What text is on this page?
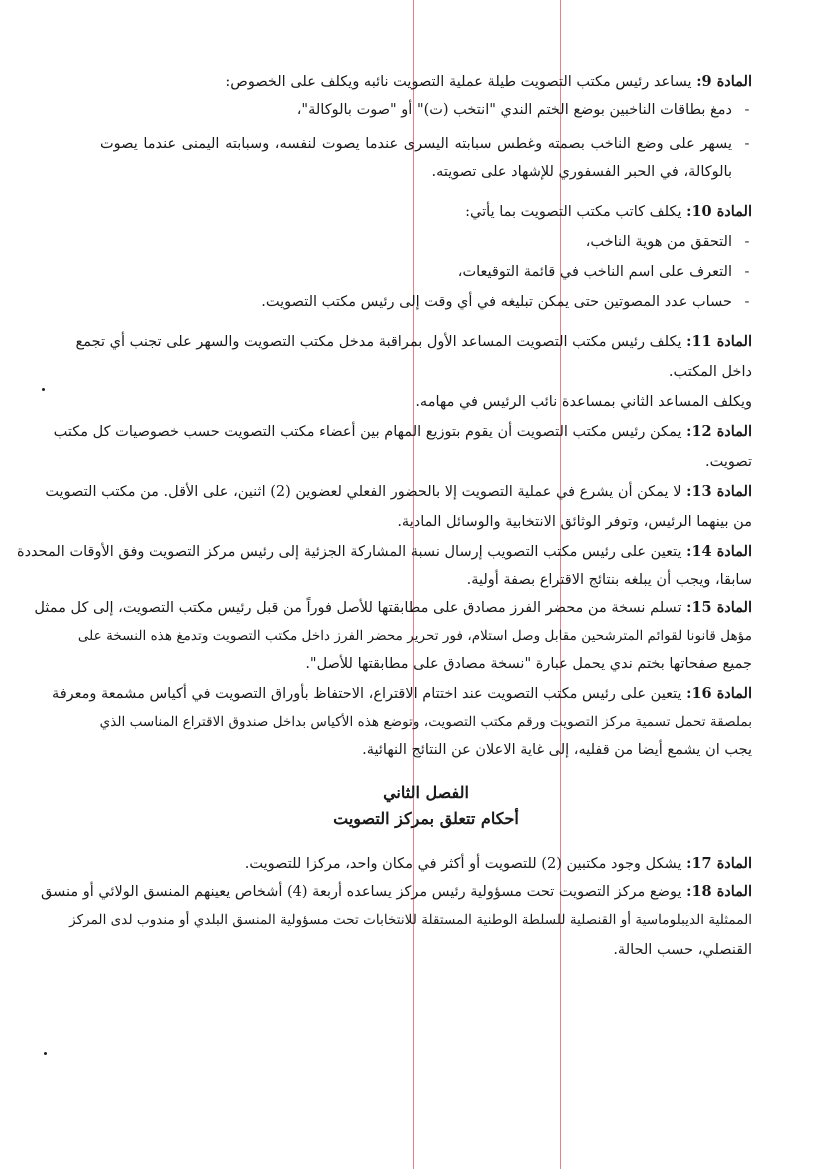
المادة 9: يساعد رئيس مكتب التصويت طيلة عملية التصويت نائبه ويكلف على الخصوص:
دمغ بطاقات الناخبين بوضع الختم الندي "انتخب (ت)" أو "صوت بالوكالة"، -
يسهر على وضع الناخب بصمته وغطس سبابته اليسرى عندما يصوت لنفسه، وسبابته اليمنى عندما يصوت -
بالوكالة، في الحبر الفسفوري للإشهاد على تصويته.
المادة 10: يكلف كاتب مكتب التصويت بما يأتي:
التحقق من هوية الناخب، -
التعرف على اسم الناخب في قائمة التوقيعات، -
حساب عدد المصوتين حتى يمكن تبليغه في أي وقت إلى رئيس مكتب التصويت. -
المادة 11: يكلف رئيس مكتب التصويت المساعد الأول بمراقبة مدخل مكتب التصويت والسهر على تجنب أي تجمع
داخل المكتب.
ويكلف المساعد الثاني بمساعدة نائب الرئيس في مهامه.
المادة 12: يمكن رئيس مكتب التصويت أن يقوم بتوزيع المهام بين أعضاء مكتب التصويت حسب خصوصيات كل مكتب
تصويت.
المادة 13: لا يمكن أن يشرع في عملية التصويت إلا بالحضور الفعلي لعضوين (2) اثنين، على الأقل. من مكتب التصويت
من بينهما الرئيس، وتوفر الوثائق الانتخابية والوسائل المادية.
المادة 14: يتعين على رئيس مكتب التصويب إرسال نسبة المشاركة الجزئية إلى رئيس مركز التصويت وفق الأوقات المحددة
سابقا، ويجب أن يبلغه بنتائج الاقتراع بصفة أولية.
المادة 15: تسلم نسخة من محضر الفرز مصادق على مطابقتها للأصل فوراً من قبل رئيس مكتب التصويت، إلى كل ممثل
مؤهل قانونا لقوائم المترشحين مقابل وصل استلام، فور تحرير محضر الفرز داخل مكتب التصويت وتدمغ هذه النسخة على
جميع صفحاتها بختم ندي يحمل عبارة "نسخة مصادق على مطابقتها للأصل".
المادة 16: يتعين على رئيس مكتب التصويت عند اختتام الاقتراع، الاحتفاظ بأوراق التصويت في أكياس مشمعة ومعرفة
بملصقة تحمل تسمية مركز التصويت ورقم مكتب التصويت، وتوضع هذه الأكياس بداخل صندوق الاقتراع المناسب الذي
يجب ان يشمع أيضا من قفليه، إلى غاية الاعلان عن النتائج النهائية.
الفصل الثاني
أحكام تتعلق بمركز التصويت
المادة 17: يشكل وجود مكتبين (2) للتصويت أو أكثر في مكان واحد، مركزا للتصويت.
المادة 18: يوضع مركز التصويت تحت مسؤولية رئيس مركز يساعده أربعة (4) أشخاص يعينهم المنسق الولائي أو منسق
الممثلية الديبلوماسية أو القنصلية للسلطة الوطنية المستقلة للانتخابات تحت مسؤولية المنسق البلدي أو مندوب لدى المركز
القنصلي، حسب الحالة.
